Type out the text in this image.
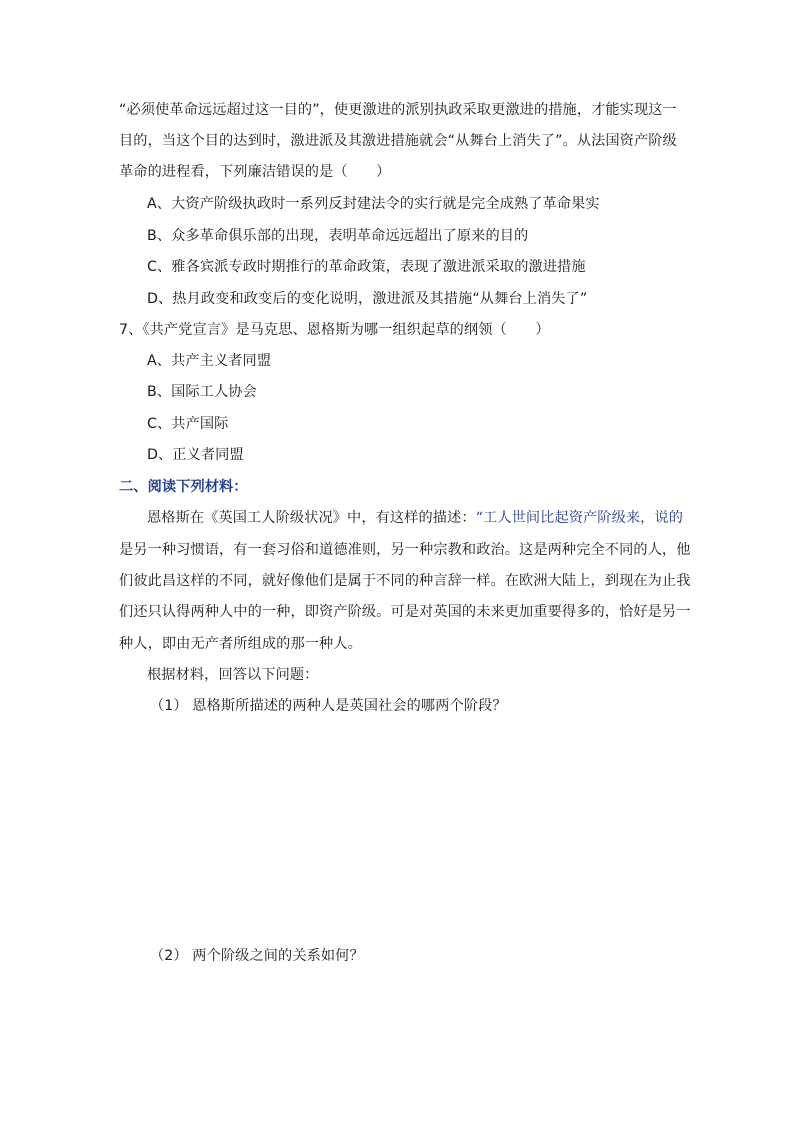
“必须使革命远远超过这一目的”，使更激进的派别执政采取更激进的措施，才能实现这一
目的，当这个目的达到时，激进派及其激进措施就会“从舞台上消失了”。从法国资产阶级
革命的进程看，下列廉洁错误的是（　　）
A、大资产阶级执政时一系列反封建法令的实行就是完全成熟了革命果实
B、众多革命俱乐部的出现，表明革命远远超出了原来的目的
C、雅各宾派专政时期推行的革命政策，表现了激进派采取的激进措施
D、热月政变和政变后的变化说明，激进派及其措施“从舞台上消失了”
7、《共产党宣言》是马克思、恩格斯为哪一组织起草的纲领（　　）
A、共产主义者同盟
B、国际工人协会
C、共产国际
D、正义者同盟
二、阅读下列材料：
恩格斯在《英国工人阶级状况》中，有这样的描述：“工人世间比起资产阶级来，说的
是另一种习惯语，有一套习俗和道德准则，另一种宗教和政治。这是两种完全不同的人，他
们彼此昌这样的不同，就好像他们是属于不同的种言辞一样。在欧洲大陆上，到现在为止我
们还只认得两种人中的一种，即资产阶级。可是对英国的未来更加重要得多的，恰好是另一
种人，即由无产者所组成的那一种人。
根据材料，回答以下问题：
（1） 恩格斯所描述的两种人是英国社会的哪两个阶段？
（2） 两个阶级之间的关系如何？
